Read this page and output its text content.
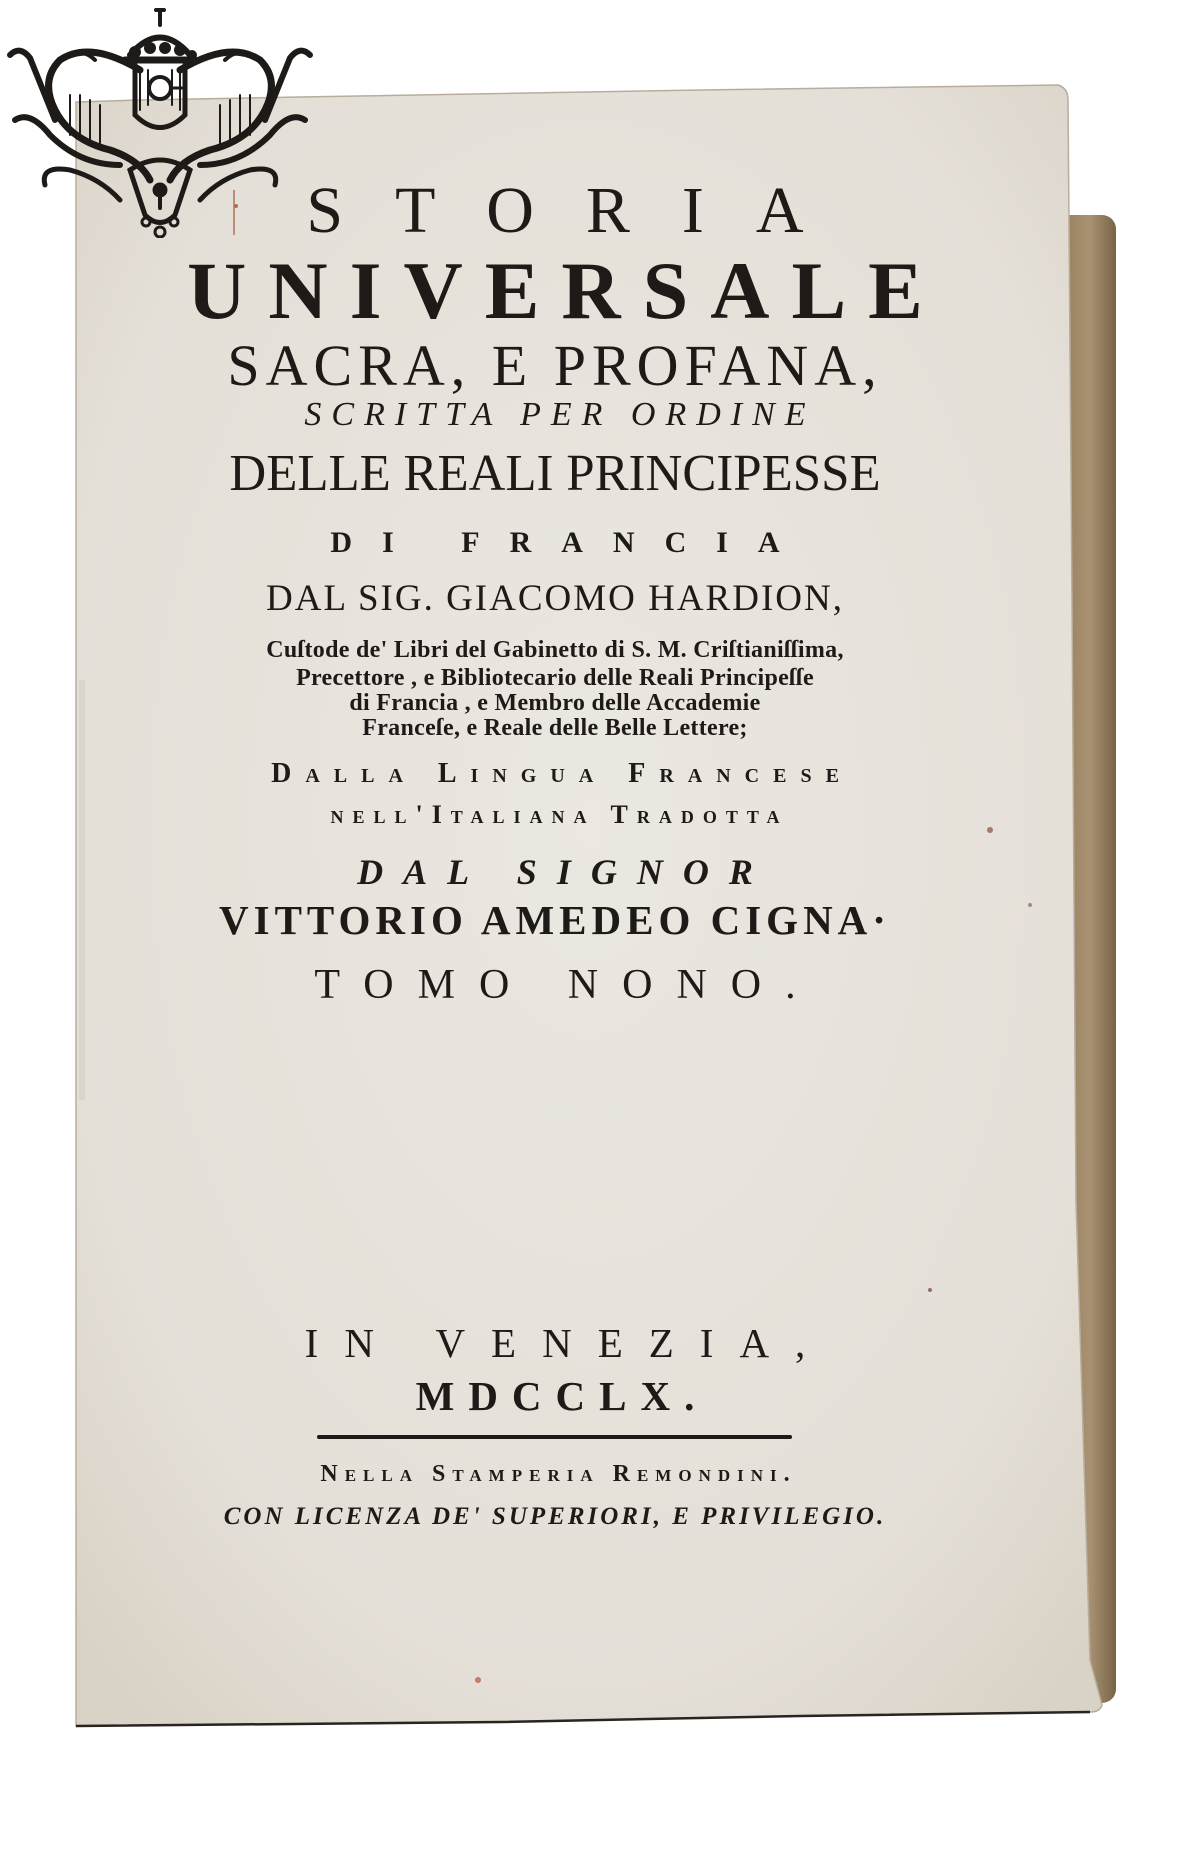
STORIA
UNIVERSALE
SACRA, E PROFANA,
SCRITTA PER ORDINE
DELLE REALI PRINCIPESSE
DI FRANCIA
DAL SIG. GIACOMO HARDION,
Cuſtode de' Libri del Gabinetto di S. M. Criſtianiſſima,
Precettore , e Bibliotecario delle Reali Principeſſe
di Francia , e Membro delle Accademie
Franceſe, e Reale delle Belle Lettere;
Dalla Lingua Francese
nell'Italiana Tradotta
DAL SIGNOR
VITTORIO AMEDEO CIGNA·
TOMO NONO.
IN VENEZIA,
MDCCLX.
Nella Stamperia Remondini.
CON LICENZA DE' SUPERIORI, E PRIVILEGIO.
